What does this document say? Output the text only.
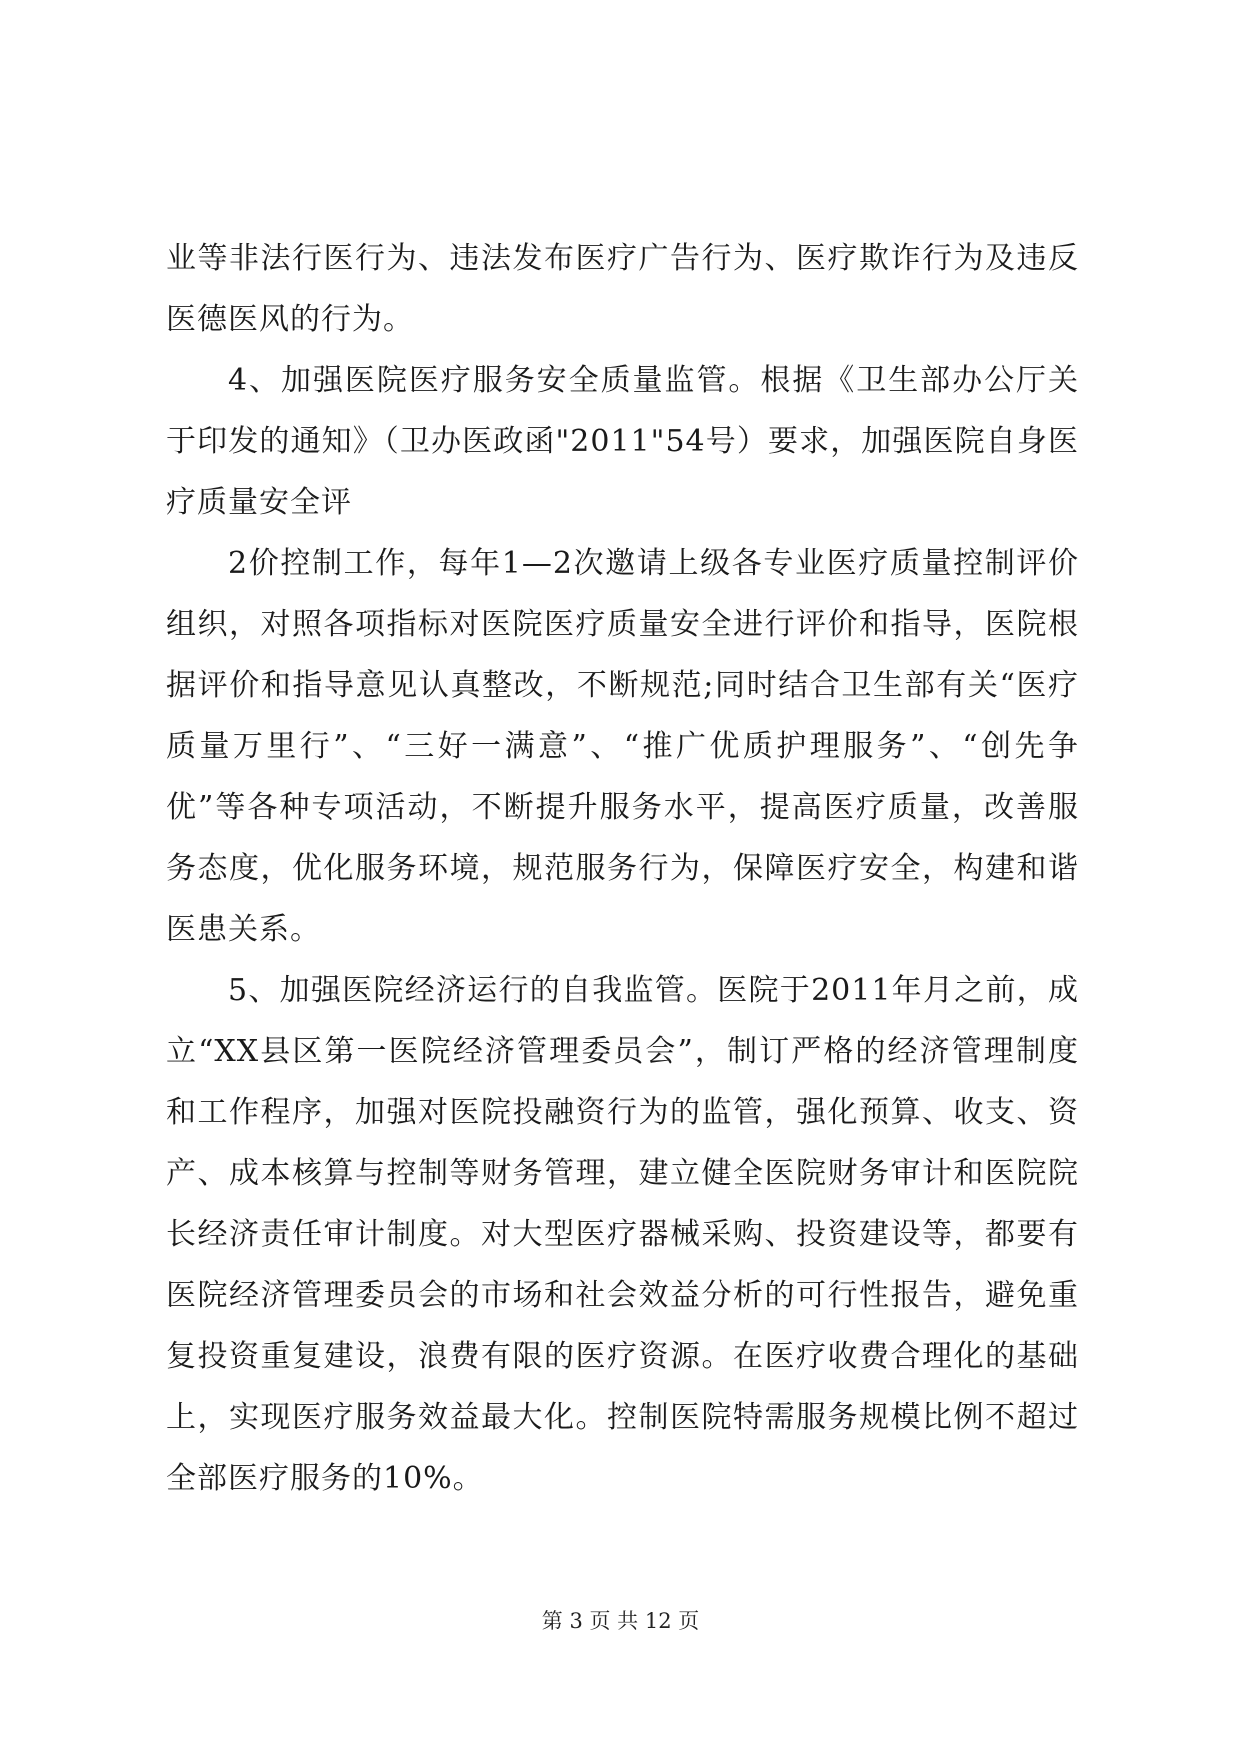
业等非法行医行为、违法发布医疗广告行为、医疗欺诈行为及违反医德医风的行为。

4、加强医院医疗服务安全质量监管。根据《卫生部办公厅关于印发的通知》（卫办医政函"2011"54号）要求，加强医院自身医疗质量安全评

2价控制工作，每年1—2次邀请上级各专业医疗质量控制评价组织，对照各项指标对医院医疗质量安全进行评价和指导，医院根据评价和指导意见认真整改，不断规范;同时结合卫生部有关“医疗质量万里行”、“三好一满意”、“推广优质护理服务”、“创先争优”等各种专项活动，不断提升服务水平，提高医疗质量，改善服务态度，优化服务环境，规范服务行为，保障医疗安全，构建和谐医患关系。

5、加强医院经济运行的自我监管。医院于2011年月之前，成立“XX县区第一医院经济管理委员会”，制订严格的经济管理制度和工作程序，加强对医院投融资行为的监管，强化预算、收支、资产、成本核算与控制等财务管理，建立健全医院财务审计和医院院长经济责任审计制度。对大型医疗器械采购、投资建设等，都要有医院经济管理委员会的市场和社会效益分析的可行性报告，避免重复投资重复建设，浪费有限的医疗资源。在医疗收费合理化的基础上，实现医疗服务效益最大化。控制医院特需服务规模比例不超过全部医疗服务的10%。

第 3 页 共 12 页
